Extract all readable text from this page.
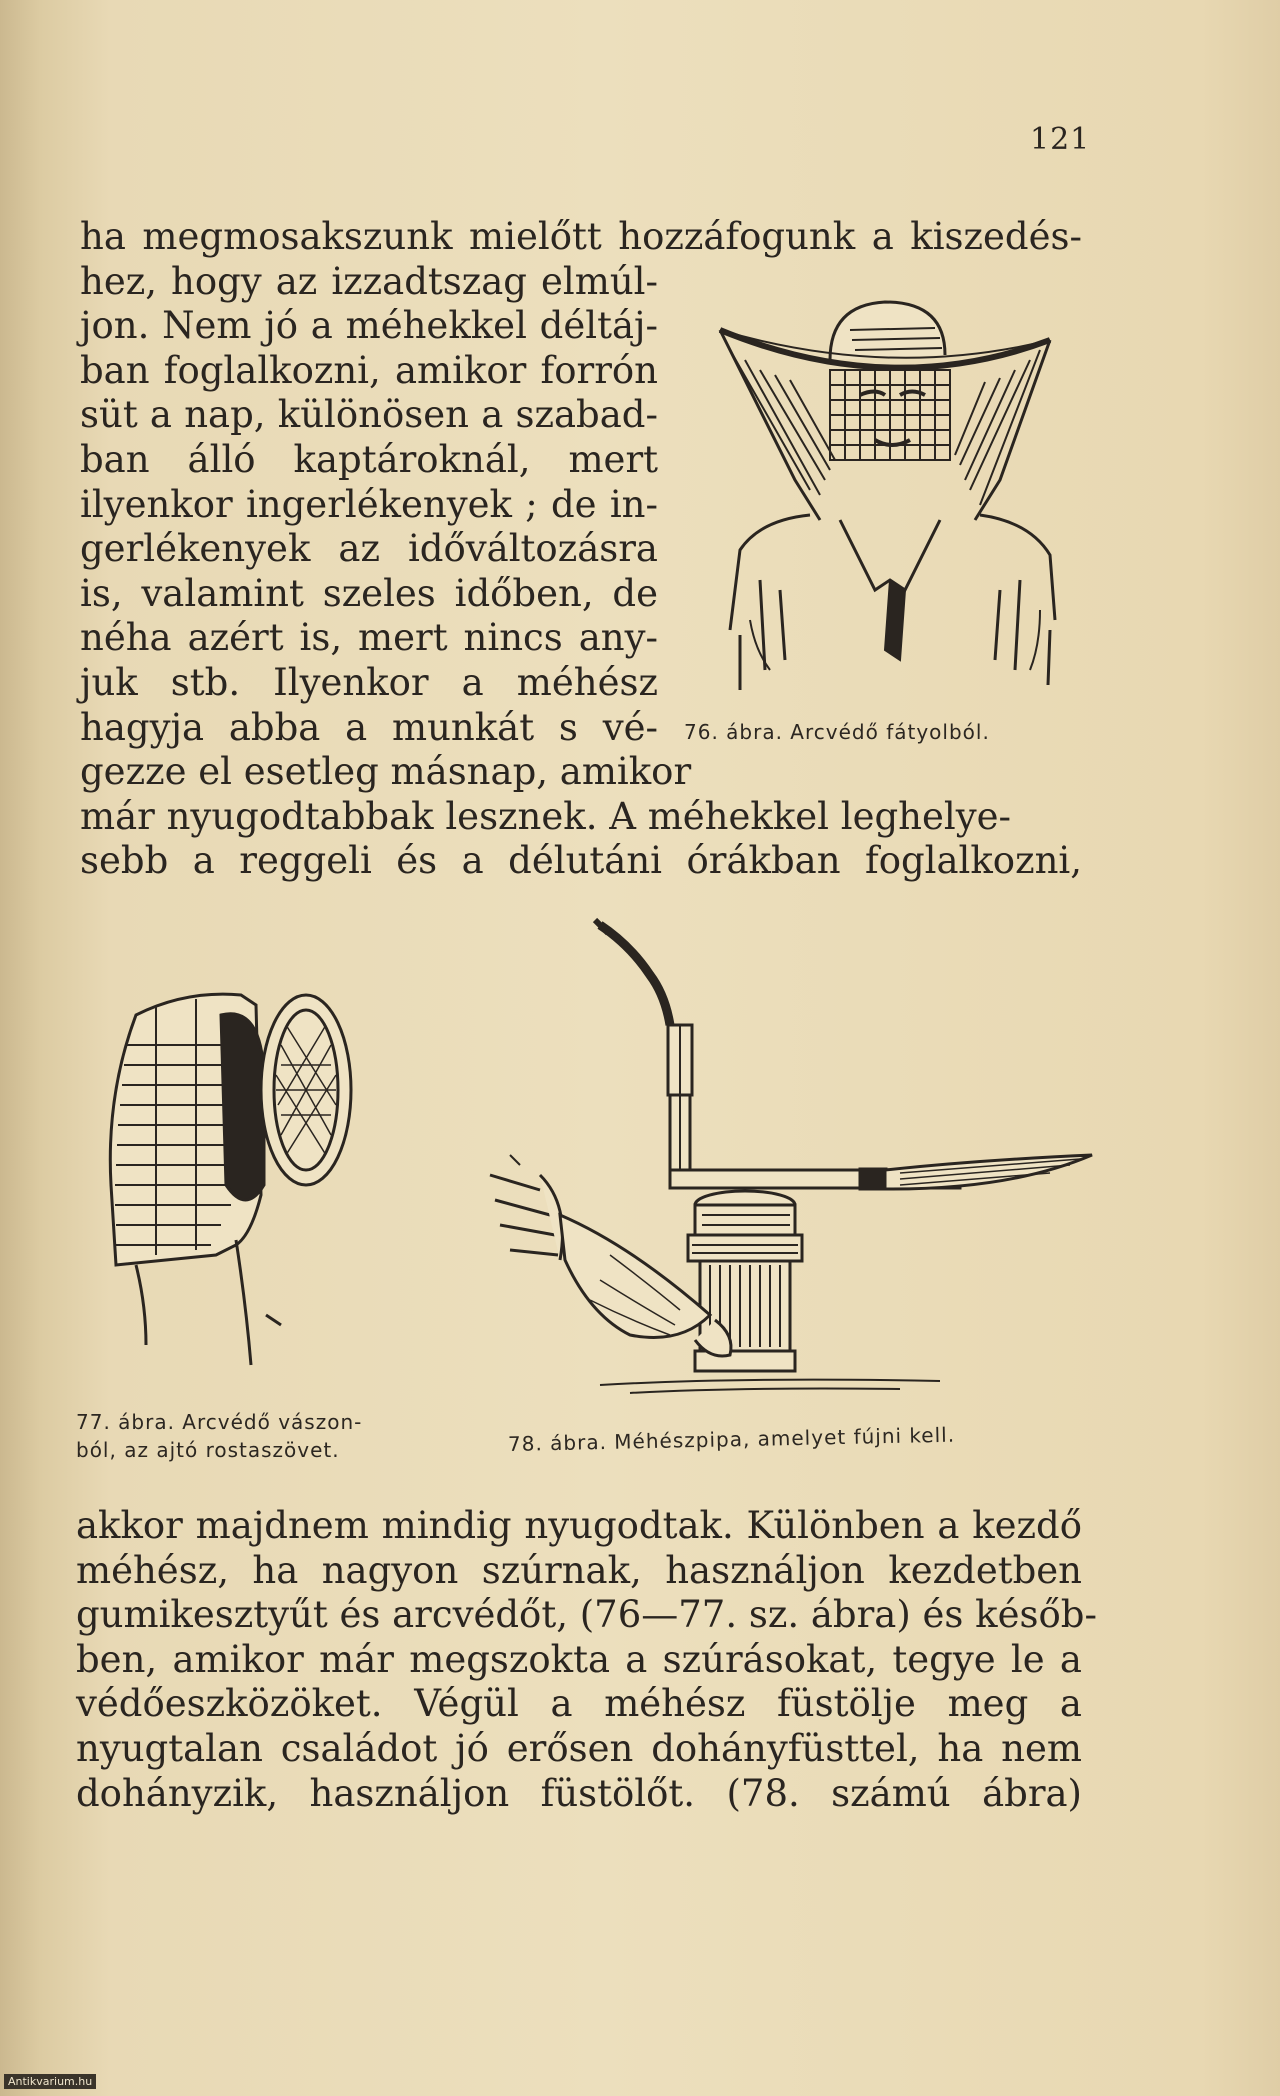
121

ha megmosakszunk mielőtt hozzáfogunk a kiszedés-
hez, hogy az izzadtszag elmúl-
jon. Nem jó a méhekkel déltáj-
ban foglalkozni, amikor forrón
süt a nap, különösen a szabad-
ban álló kaptároknál, mert
ilyenkor ingerlékenyek ; de in-
gerlékenyek az időváltozásra
is, valamint szeles időben, de
néha azért is, mert nincs any-
juk stb. Ilyenkor a méhész
hagyja abba a munkát s vé-
gezze el esetleg másnap, amikor
már nyugodtabbak lesznek. A méhekkel leghelye-
sebb a reggeli és a délutáni órákban foglalkozni,

76. ábra. Arcvédő fátyolból.

77. ábra. Arcvédő vászon-
ból, az ajtó rostaszövet.	78. ábra. Méhészpipa, amelyet fújni kell.

akkor majdnem mindig nyugodtak. Különben a kezdő
méhész, ha nagyon szúrnak, használjon kezdetben
gumikesztyűt és arcvédőt, (76—77. sz. ábra) és későb-
ben, amikor már megszokta a szúrásokat, tegye le a
védőeszközöket. Végül a méhész füstölje meg a
nyugtalan családot jó erősen dohányfüsttel, ha nem
dohányzik, használjon füstölőt. (78. számú ábra)

Antikvarium.hu
